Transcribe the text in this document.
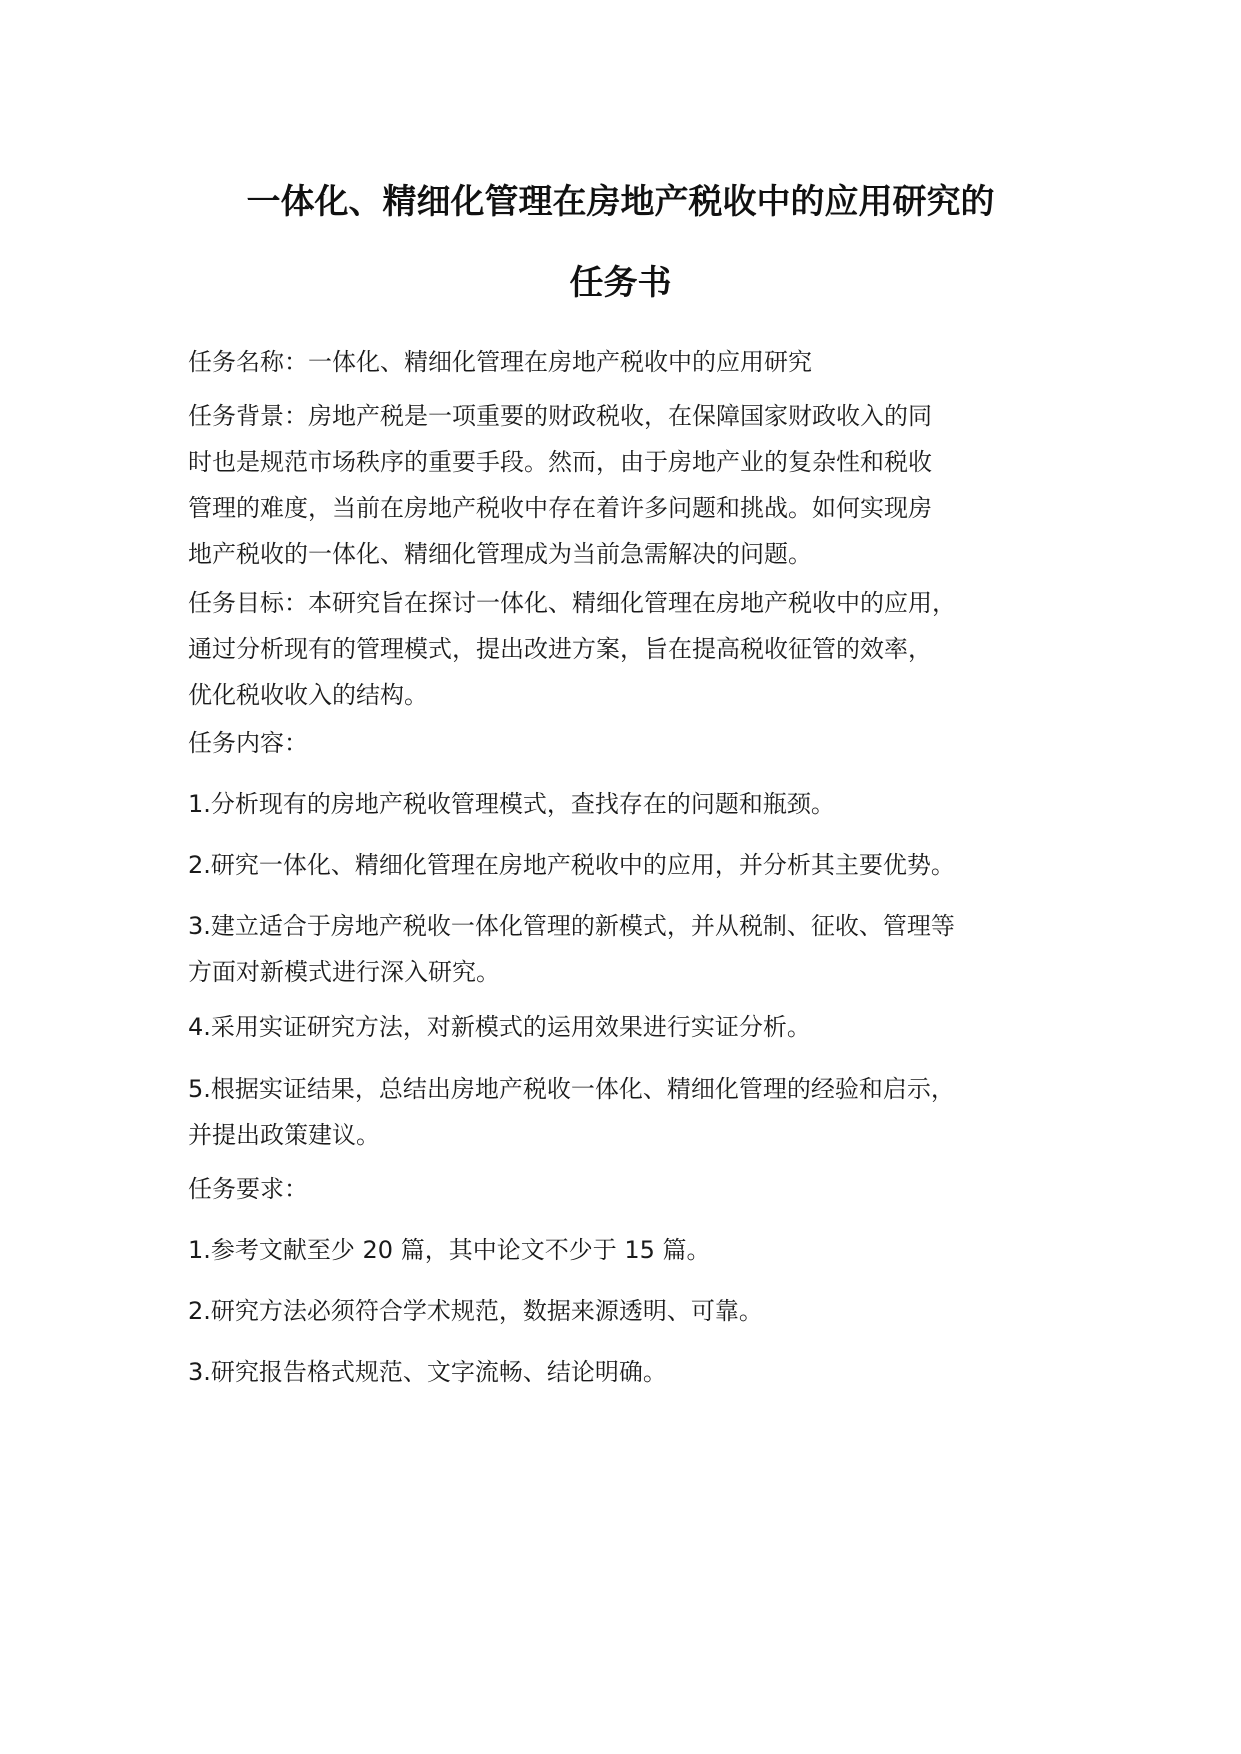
一体化、精细化管理在房地产税收中的应用研究的
任务书
任务名称：一体化、精细化管理在房地产税收中的应用研究
任务背景：房地产税是一项重要的财政税收，在保障国家财政收入的同
时也是规范市场秩序的重要手段。然而，由于房地产业的复杂性和税收
管理的难度，当前在房地产税收中存在着许多问题和挑战。如何实现房
地产税收的一体化、精细化管理成为当前急需解决的问题。
任务目标：本研究旨在探讨一体化、精细化管理在房地产税收中的应用，
通过分析现有的管理模式，提出改进方案，旨在提高税收征管的效率，
优化税收收入的结构。
任务内容：
1.分析现有的房地产税收管理模式，查找存在的问题和瓶颈。
2.研究一体化、精细化管理在房地产税收中的应用，并分析其主要优势。
3.建立适合于房地产税收一体化管理的新模式，并从税制、征收、管理等
方面对新模式进行深入研究。
4.采用实证研究方法，对新模式的运用效果进行实证分析。
5.根据实证结果，总结出房地产税收一体化、精细化管理的经验和启示，
并提出政策建议。
任务要求：
1.参考文献至少 20 篇，其中论文不少于 15 篇。
2.研究方法必须符合学术规范，数据来源透明、可靠。
3.研究报告格式规范、文字流畅、结论明确。
